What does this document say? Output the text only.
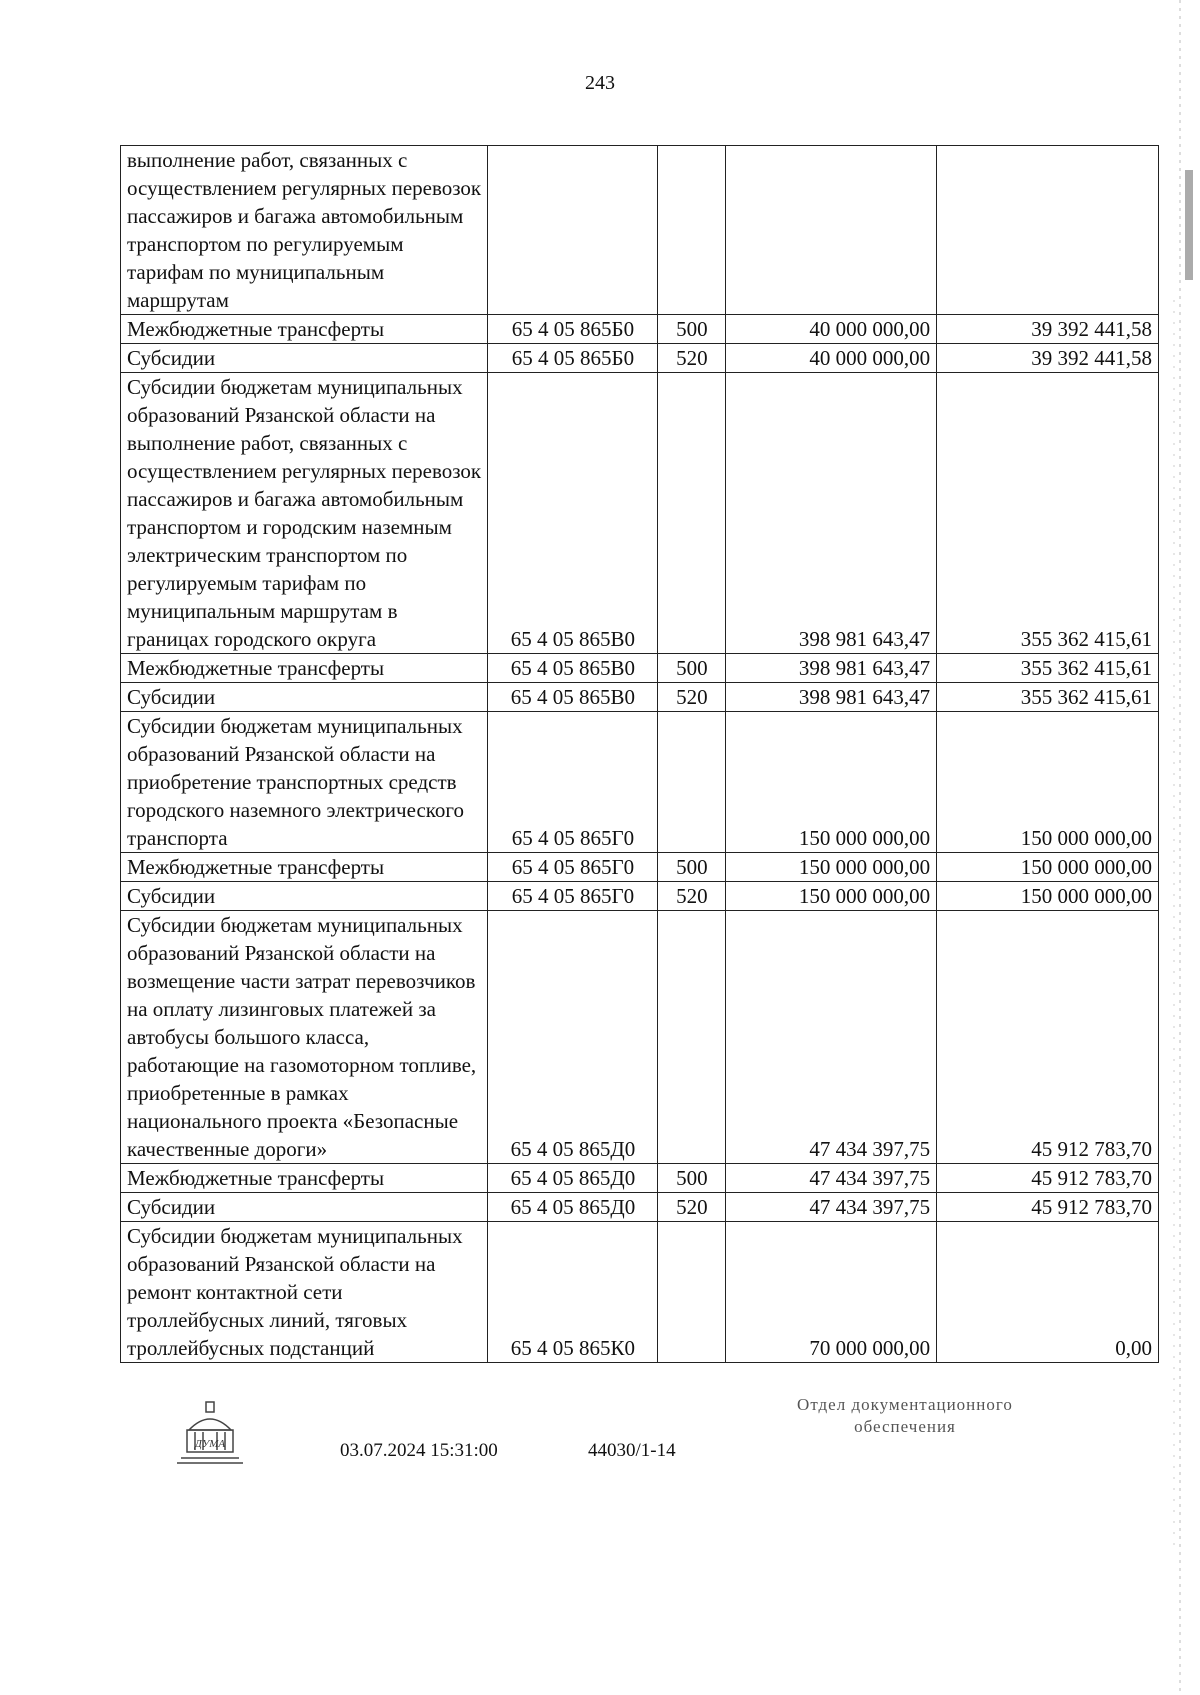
243
выполнение работ, связанных с осуществлением регулярных перевозок пассажиров и багажа автомобильным транспортом по регулируемым тарифам по муниципальным маршрутам				
Межбюджетные трансферты	65 4 05 865Б0	500	40 000 000,00	39 392 441,58
Субсидии	65 4 05 865Б0	520	40 000 000,00	39 392 441,58
Субсидии бюджетам муниципальных образований Рязанской области на выполнение работ, связанных с осуществлением регулярных перевозок пассажиров и багажа автомобильным транспортом и городским наземным электрическим транспортом по регулируемым тарифам по муниципальным маршрутам в границах городского округа	65 4 05 865В0		398 981 643,47	355 362 415,61
Межбюджетные трансферты	65 4 05 865В0	500	398 981 643,47	355 362 415,61
Субсидии	65 4 05 865В0	520	398 981 643,47	355 362 415,61
Субсидии бюджетам муниципальных образований Рязанской области на приобретение транспортных средств городского наземного электрического транспорта	65 4 05 865Г0		150 000 000,00	150 000 000,00
Межбюджетные трансферты	65 4 05 865Г0	500	150 000 000,00	150 000 000,00
Субсидии	65 4 05 865Г0	520	150 000 000,00	150 000 000,00
Субсидии бюджетам муниципальных образований Рязанской области на возмещение части затрат перевозчиков на оплату лизинговых платежей за автобусы большого класса, работающие на газомоторном топливе, приобретенные в рамках национального проекта «Безопасные качественные дороги»	65 4 05 865Д0		47 434 397,75	45 912 783,70
Межбюджетные трансферты	65 4 05 865Д0	500	47 434 397,75	45 912 783,70
Субсидии	65 4 05 865Д0	520	47 434 397,75	45 912 783,70
Субсидии бюджетам муниципальных образований Рязанской области на ремонт контактной сети троллейбусных линий, тяговых троллейбусных подстанций	65 4 05 865К0		70 000 000,00	0,00
ДУМА	03.07.2024 15:31:00	44030/1-14
Отдел документационного
обеспечения
